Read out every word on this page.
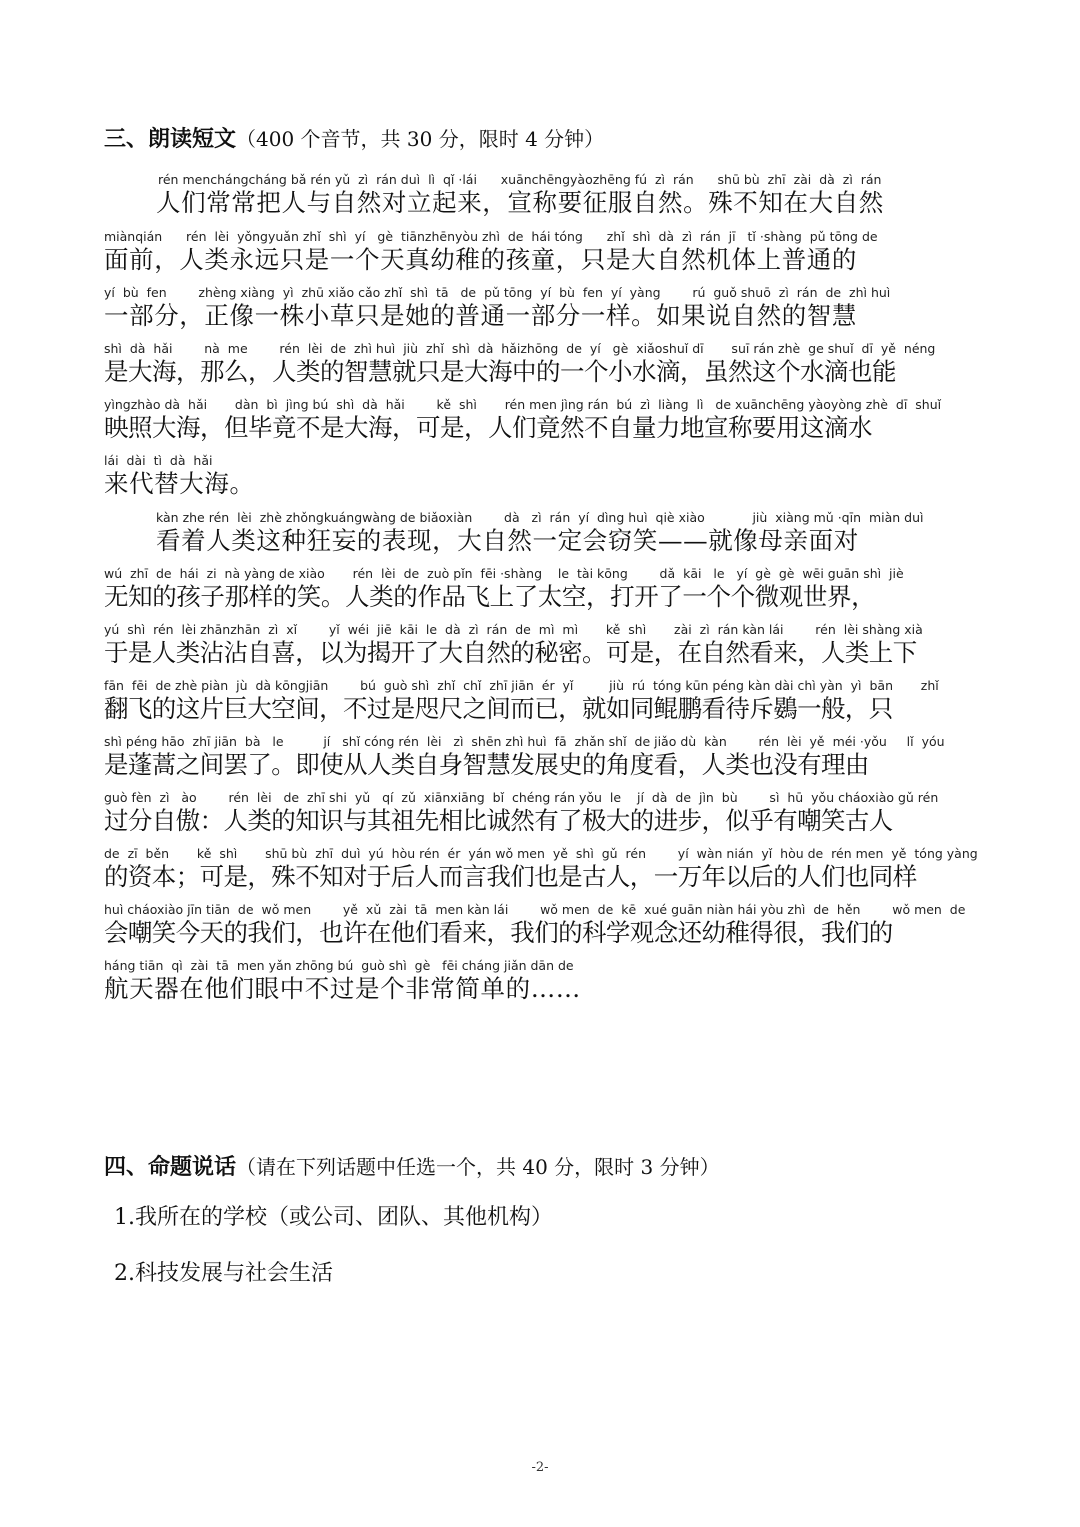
三、朗读短文（400 个音节，共 30 分，限时 4 分钟）
rén menchángcháng bǎ rén yǔ  zì  rán duì  lì  qǐ ·lái      xuānchēngyàozhēng fú  zì  rán      shū bù  zhī  zài  dà  zì  rán
人们常常把人与自然对立起来，宣称要征服自然。殊不知在大自然
miànqián      rén  lèi  yǒngyuǎn zhǐ  shì  yí   gè  tiānzhēnyòu zhì  de  hái tóng      zhǐ  shì  dà  zì  rán  jī   tǐ ·shàng  pǔ tōng de
面前，人类永远只是一个天真幼稚的孩童，只是大自然机体上普通的
yí  bù  fen        zhèng xiàng  yì  zhū xiǎo cǎo zhǐ  shì  tā   de  pǔ tōng  yí  bù  fen  yí  yàng        rú  guǒ shuō  zì  rán  de  zhì huì
一部分，正像一株小草只是她的普通一部分一样。如果说自然的智慧
shì  dà  hǎi        nà  me        rén  lèi  de  zhì huì  jiù  zhǐ  shì  dà  hǎizhōng  de  yí   gè  xiǎoshuǐ dī       suī rán zhè  ge shuǐ  dī  yě  néng
是大海，那么，人类的智慧就只是大海中的一个小水滴，虽然这个水滴也能
yìngzhào dà  hǎi       dàn  bì  jìng bú  shì  dà  hǎi        kě  shì       rén men jìng rán  bú  zì  liàng  lì   de xuānchēng yàoyòng zhè  dī  shuǐ
映照大海，但毕竟不是大海，可是，人们竟然不自量力地宣称要用这滴水
lái  dài  tì  dà  hǎi
来代替大海。
kàn zhe rén  lèi  zhè zhǒngkuángwàng de biǎoxiàn        dà   zì  rán  yí  dìng huì  qiè xiào            jiù  xiàng mǔ ·qīn  miàn duì
看着人类这种狂妄的表现，大自然一定会窃笑——就像母亲面对
wú  zhī  de  hái  zi  nà yàng de xiào       rén  lèi  de  zuò pǐn  fēi ·shàng    le  tài kōng        dǎ  kāi   le   yí  gè  gè  wēi guān shì  jiè
无知的孩子那样的笑。人类的作品飞上了太空，打开了一个个微观世界，
yú  shì  rén  lèi zhānzhān  zì  xǐ        yǐ  wéi  jiē  kāi  le  dà  zì  rán  de  mì  mì       kě  shì       zài  zì  rán kàn lái        rén  lèi shàng xià
于是人类沾沾自喜，以为揭开了大自然的秘密。可是，在自然看来，人类上下
fān  fēi  de zhè piàn  jù  dà kōngjiān        bú  guò shì  zhǐ  chǐ  zhī jiān  ér  yǐ         jiù  rú  tóng kūn péng kàn dài chì yàn  yì  bān       zhǐ
翻飞的这片巨大空间，不过是咫尺之间而已，就如同鲲鹏看待斥鷃一般，只
shì péng hāo  zhī jiān  bà   le          jí   shǐ cóng rén  lèi   zì  shēn zhì huì  fā  zhǎn shǐ  de jiǎo dù  kàn        rén  lèi  yě  méi ·yǒu     lǐ  yóu
是蓬蒿之间罢了。即使从人类自身智慧发展史的角度看，人类也没有理由
guò fèn  zì   ào        rén  lèi   de  zhī shi  yǔ   qí  zǔ  xiānxiāng  bǐ  chéng rán yǒu  le    jí  dà  de  jìn  bù        sì  hū  yǒu cháoxiào gǔ rén
过分自傲：人类的知识与其祖先相比诚然有了极大的进步，似乎有嘲笑古人
de  zī  běn       kě  shì       shū bù  zhī  duì  yú  hòu rén  ér  yán wǒ men  yě  shì  gǔ  rén        yí  wàn nián  yǐ  hòu de  rén men  yě  tóng yàng
的资本；可是，殊不知对于后人而言我们也是古人，一万年以后的人们也同样
huì cháoxiào jīn tiān  de  wǒ men        yě  xǔ  zài  tā  men kàn lái        wǒ men  de  kē  xué guān niàn hái yòu zhì  de  hěn        wǒ men  de
会嘲笑今天的我们，也许在他们看来，我们的科学观念还幼稚得很，我们的
háng tiān  qì  zài  tā  men yǎn zhōng bú  guò shì  gè   fēi cháng jiǎn dān de
航天器在他们眼中不过是个非常简单的……
四、命题说话（请在下列话题中任选一个，共 40 分，限时 3 分钟）
1.我所在的学校（或公司、团队、其他机构）
2.科技发展与社会生活
-2-
